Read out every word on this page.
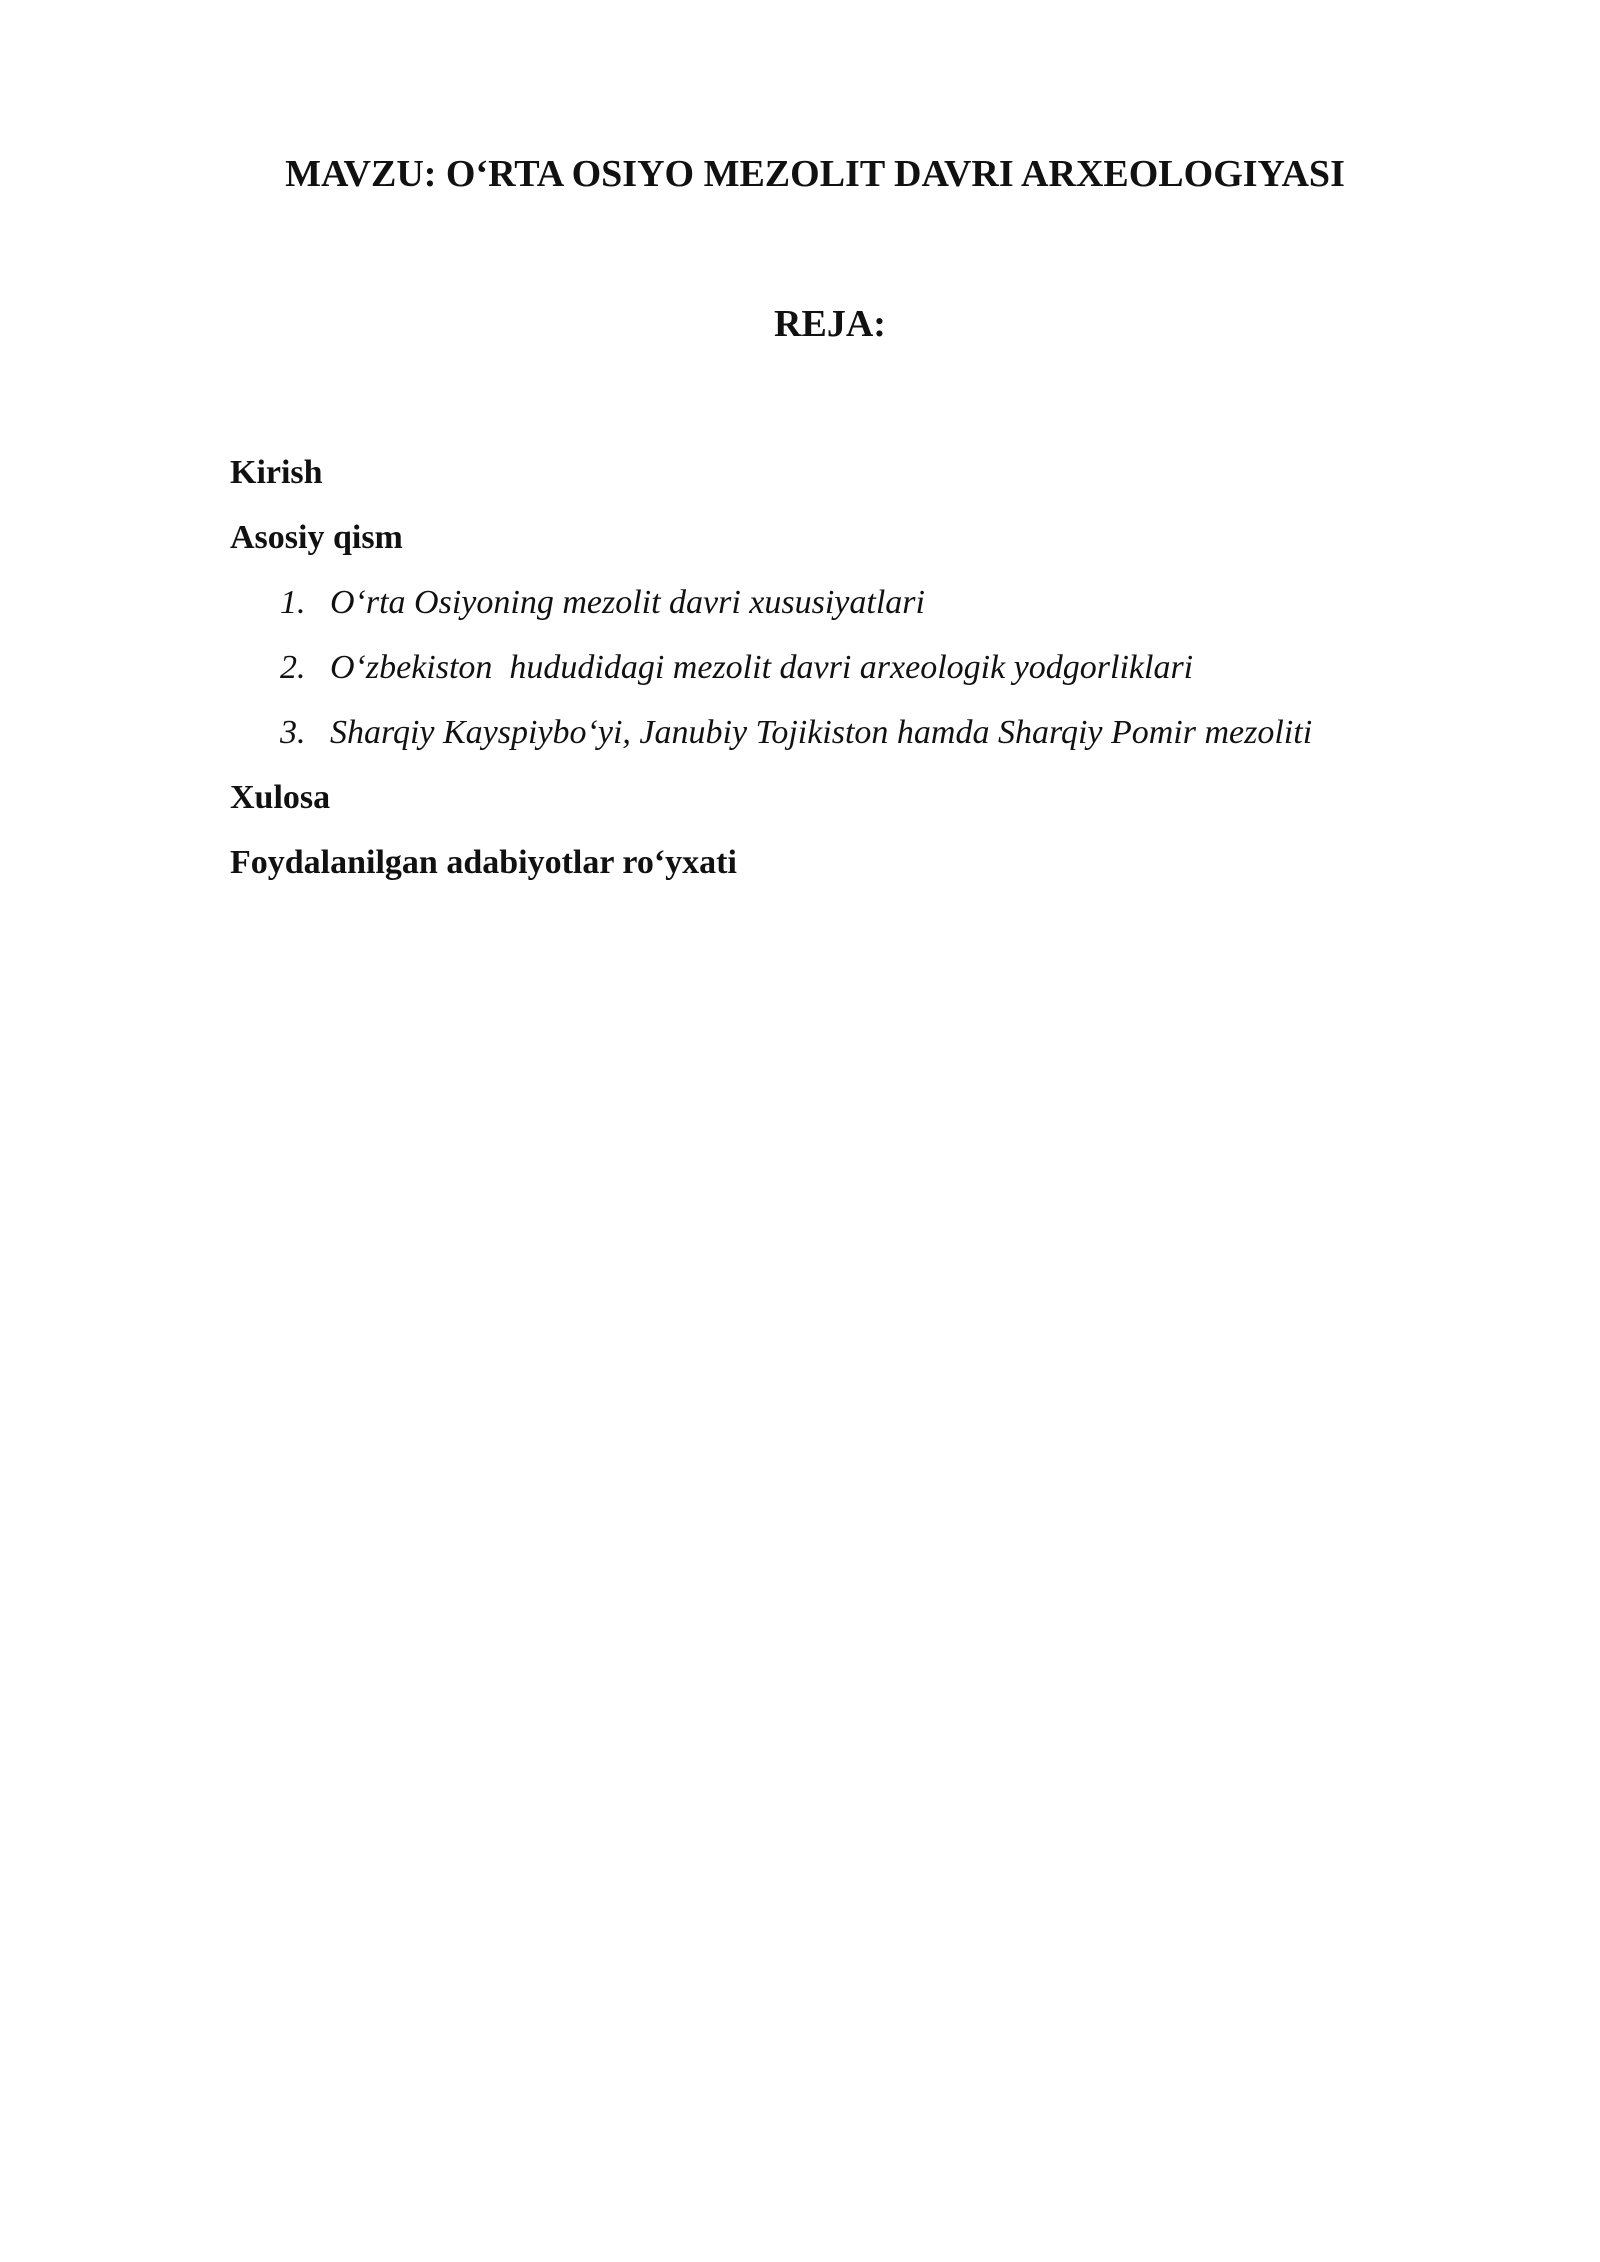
MAVZU: O‘RTA OSIYO MEZOLIT DAVRI ARXEOLOGIYASI
REJA:

Kirish

Asosiy qism

1. O‘rta Osiyoning mezolit davri xususiyatlari
2. O‘zbekiston  hududidagi mezolit davri arxeologik yodgorliklari
3. Sharqiy Kayspiybo‘yi, Janubiy Tojikiston hamda Sharqiy Pomir mezoliti

Xulosa

Foydalanilgan adabiyotlar ro‘yxati
